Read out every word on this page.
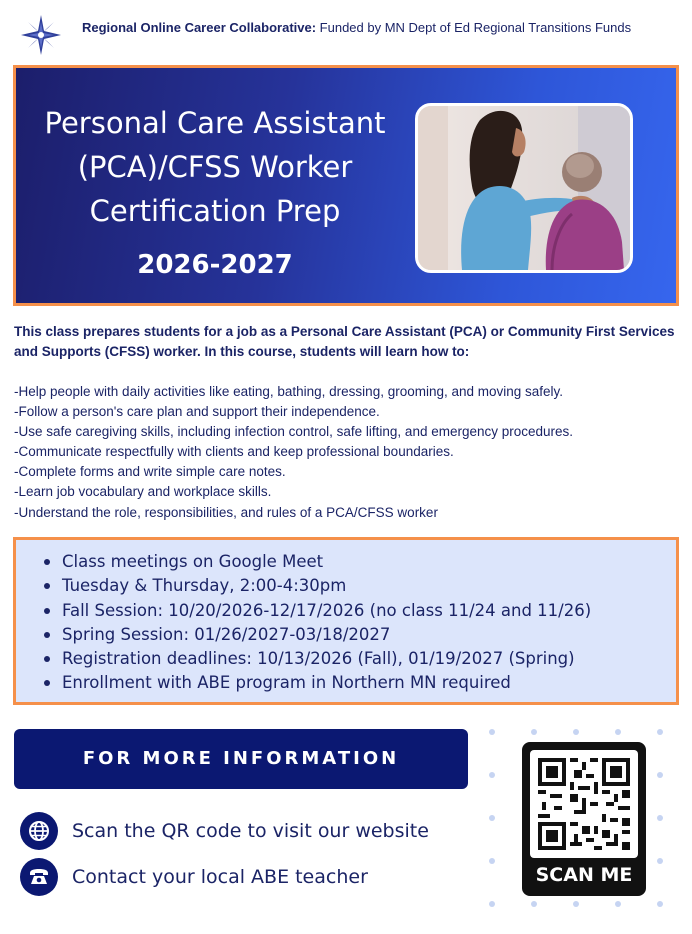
Regional Online Career Collaborative: Funded by MN Dept of Ed Regional Transitions Funds
Personal Care Assistant
(PCA)/CFSS Worker
Certification Prep
2026-2027
This class prepares students for a job as a Personal Care Assistant (PCA) or Community First Services and Supports (CFSS) worker. In this course, students will learn how to:
-Help people with daily activities like eating, bathing, dressing, grooming, and moving safely.
-Follow a person's care plan and support their independence.
-Use safe caregiving skills, including infection control, safe lifting, and emergency procedures.
-Communicate respectfully with clients and keep professional boundaries.
-Complete forms and write simple care notes.
-Learn job vocabulary and workplace skills.
-Understand the role, responsibilities, and rules of a PCA/CFSS worker
Class meetings on Google Meet
Tuesday & Thursday, 2:00-4:30pm
Fall Session: 10/20/2026-12/17/2026 (no class 11/24 and 11/26)
Spring Session: 01/26/2027-03/18/2027
Registration deadlines: 10/13/2026 (Fall), 01/19/2027 (Spring)
Enrollment with ABE program in Northern MN required
FOR MORE INFORMATION
Scan the QR code to visit our website
Contact your local ABE teacher	SCAN ME
